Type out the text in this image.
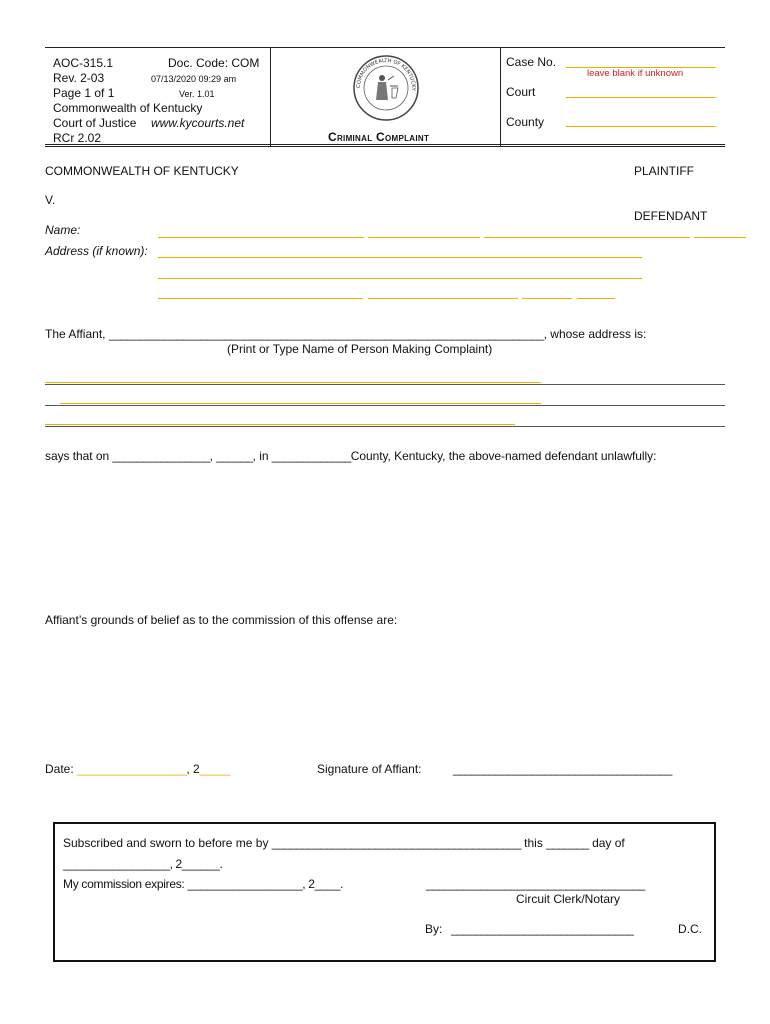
AOC-315.1	Doc. Code: COM
Rev. 2-03	07/13/2020 09:29 am
Page 1 of 1	Ver. 1.01
Commonwealth of Kentucky
Court of Justice www.kycourts.net
RCr 2.02
COMMONWEALTH OF KENTUCKY
Criminal Complaint
Case No.
leave blank if unknown
Court
County
COMMONWEALTH OF KENTUCKY	PLAINTIFF
V.
DEFENDANT
Name:
Address (if known):
The Affiant, _______________________________________________________________________, whose address is:
(Print or Type Name of Person Making Complaint)
says that on ________________, ______, in _____________County, Kentucky, the above-named defendant unlawfully:
Affiant’s grounds of belief as to the commission of this offense are:
Date: __________________, 2_____	Signature of Affiant:	____________________________________
Subscribed and sworn to before me by _________________________________________ this _______ day of
_________________, 2______.
My commission expires: __________________, 2____.	____________________________________
Circuit Clerk/Notary
By: ______________________________	D.C.
